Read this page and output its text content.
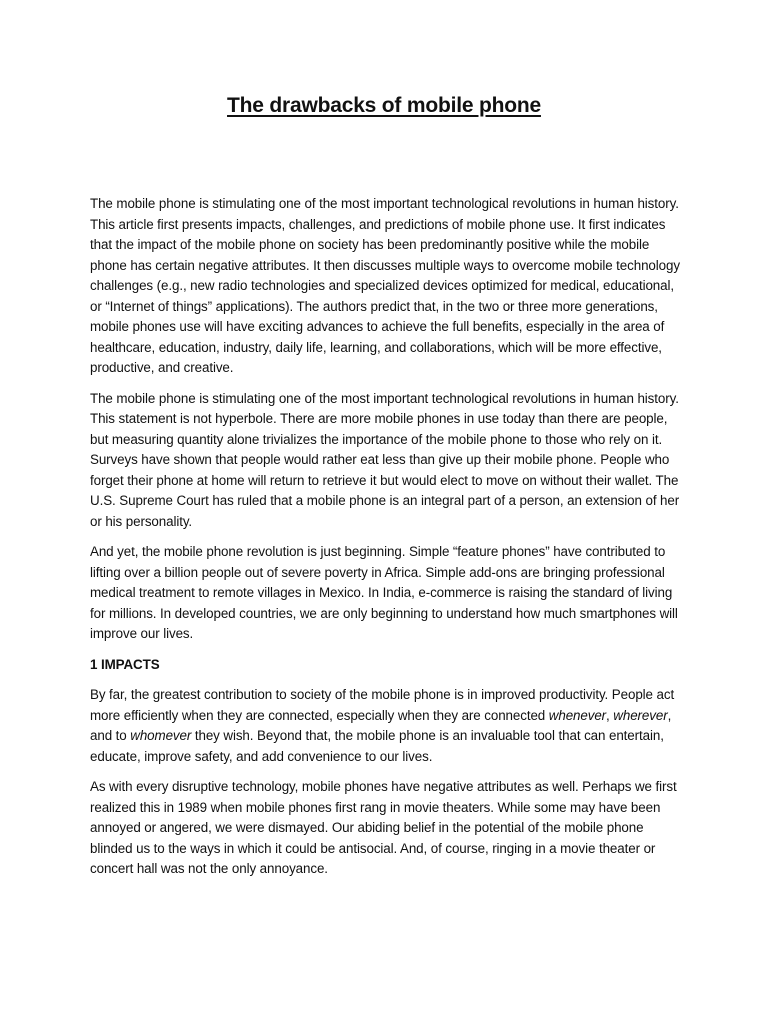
The drawbacks of mobile phone

The mobile phone is stimulating one of the most important technological revolutions in human history. This article first presents impacts, challenges, and predictions of mobile phone use. It first indicates that the impact of the mobile phone on society has been predominantly positive while the mobile phone has certain negative attributes. It then discusses multiple ways to overcome mobile technology challenges (e.g., new radio technologies and specialized devices optimized for medical, educational, or “Internet of things” applications). The authors predict that, in the two or three more generations, mobile phones use will have exciting advances to achieve the full benefits, especially in the area of healthcare, education, industry, daily life, learning, and collaborations, which will be more effective, productive, and creative.

The mobile phone is stimulating one of the most important technological revolutions in human history. This statement is not hyperbole. There are more mobile phones in use today than there are people, but measuring quantity alone trivializes the importance of the mobile phone to those who rely on it. Surveys have shown that people would rather eat less than give up their mobile phone. People who forget their phone at home will return to retrieve it but would elect to move on without their wallet. The U.S. Supreme Court has ruled that a mobile phone is an integral part of a person, an extension of her or his personality.

And yet, the mobile phone revolution is just beginning. Simple “feature phones” have contributed to lifting over a billion people out of severe poverty in Africa. Simple add-ons are bringing professional medical treatment to remote villages in Mexico. In India, e-commerce is raising the standard of living for millions. In developed countries, we are only beginning to understand how much smartphones will improve our lives.

1 IMPACTS

By far, the greatest contribution to society of the mobile phone is in improved productivity. People act more efficiently when they are connected, especially when they are connected whenever, wherever, and to whomever they wish. Beyond that, the mobile phone is an invaluable tool that can entertain, educate, improve safety, and add convenience to our lives.

As with every disruptive technology, mobile phones have negative attributes as well. Perhaps we first realized this in 1989 when mobile phones first rang in movie theaters. While some may have been annoyed or angered, we were dismayed. Our abiding belief in the potential of the mobile phone blinded us to the ways in which it could be antisocial. And, of course, ringing in a movie theater or concert hall was not the only annoyance.
